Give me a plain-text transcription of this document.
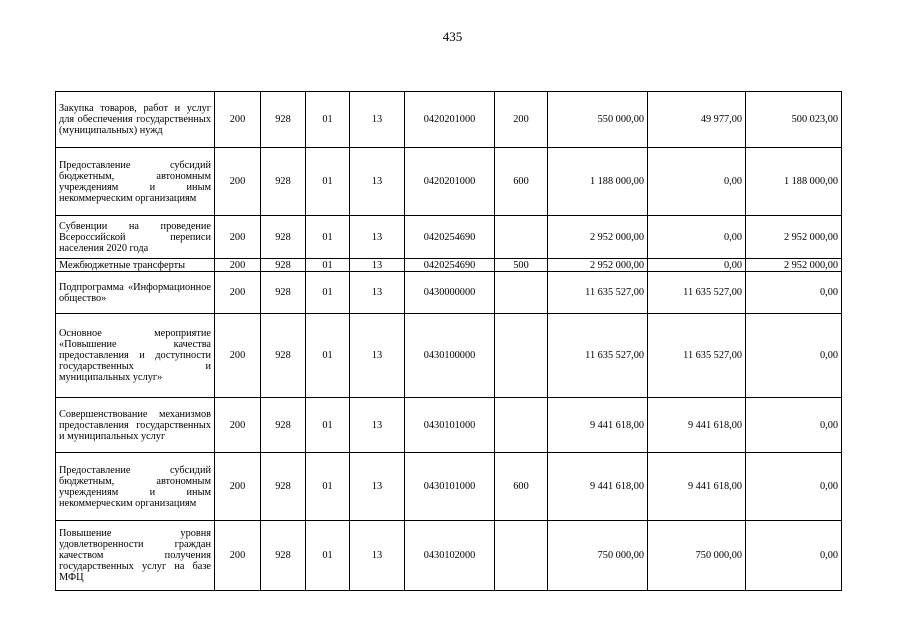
435
Закупка товаров, работ и услуг для обеспечения государственных (муниципальных) нужд	200	928	01	13	0420201000	200	550 000,00	49 977,00	500 023,00
Предоставление субсидий бюджетным, автономным учреждениям и иным некоммерческим организациям	200	928	01	13	0420201000	600	1 188 000,00	0,00	1 188 000,00
Субвенции на проведение Всероссийской переписи населения 2020 года	200	928	01	13	0420254690		2 952 000,00	0,00	2 952 000,00
Межбюджетные трансферты	200	928	01	13	0420254690	500	2 952 000,00	0,00	2 952 000,00
Подпрограмма «Информационное общество»	200	928	01	13	0430000000		11 635 527,00	11 635 527,00	0,00
Основное мероприятие «Повышение качества предоставления и доступности государственных и муниципальных услуг»	200	928	01	13	0430100000		11 635 527,00	11 635 527,00	0,00
Совершенствование механизмов предоставления государственных и муниципальных услуг	200	928	01	13	0430101000		9 441 618,00	9 441 618,00	0,00
Предоставление субсидий бюджетным, автономным учреждениям и иным некоммерческим организациям	200	928	01	13	0430101000	600	9 441 618,00	9 441 618,00	0,00
Повышение уровня удовлетворенности граждан качеством получения государственных услуг на базе МФЦ	200	928	01	13	0430102000		750 000,00	750 000,00	0,00
